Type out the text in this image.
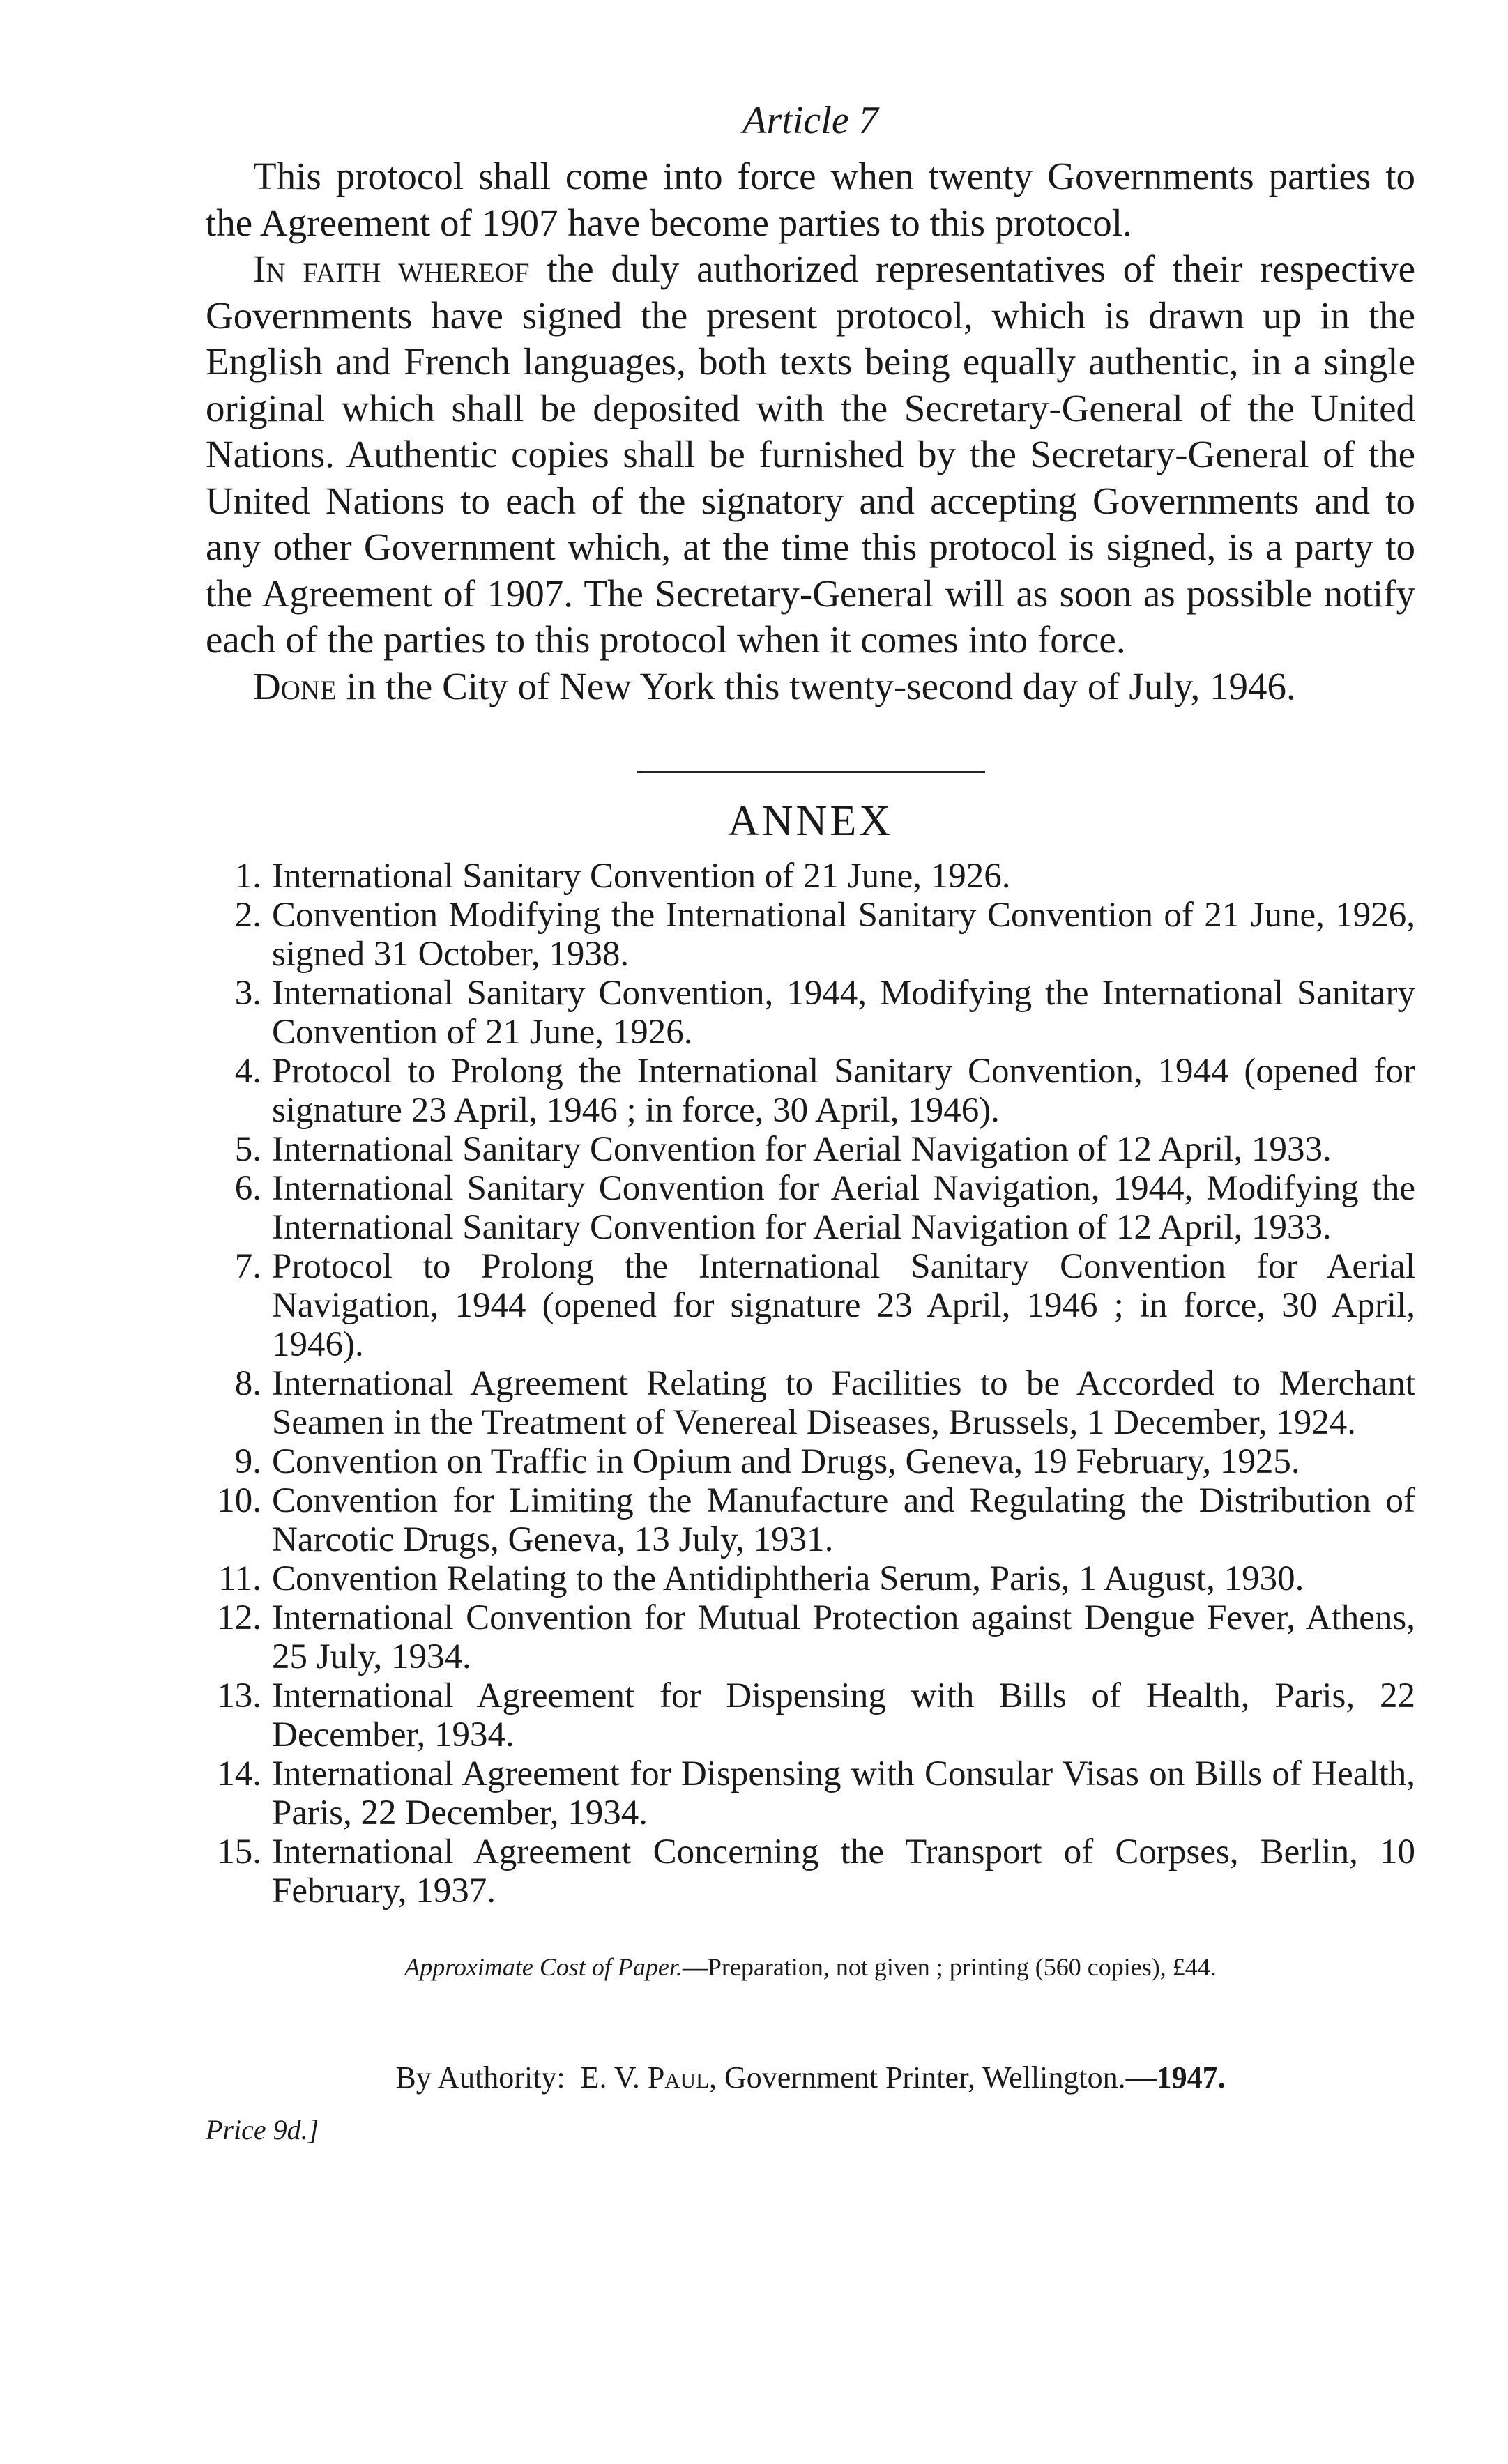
Article 7

This protocol shall come into force when twenty Governments parties to the Agreement of 1907 have become parties to this protocol.

In faith whereof the duly authorized representatives of their respective Governments have signed the present protocol, which is drawn up in the English and French languages, both texts being equally authentic, in a single original which shall be deposited with the Secretary-General of the United Nations. Authentic copies shall be furnished by the Secretary-General of the United Nations to each of the signatory and accepting Governments and to any other Government which, at the time this protocol is signed, is a party to the Agreement of 1907. The Secretary-General will as soon as possible notify each of the parties to this protocol when it comes into force.

Done in the City of New York this twenty-second day of July, 1946.

ANNEX
1. International Sanitary Convention of 21 June, 1926.
2. Convention Modifying the International Sanitary Convention of 21 June, 1926, signed 31 October, 1938.
3. International Sanitary Convention, 1944, Modifying the International Sanitary Convention of 21 June, 1926.
4. Protocol to Prolong the International Sanitary Convention, 1944 (opened for signature 23 April, 1946 ; in force, 30 April, 1946).
5. International Sanitary Convention for Aerial Navigation of 12 April, 1933.
6. International Sanitary Convention for Aerial Navigation, 1944, Modifying the International Sanitary Convention for Aerial Navigation of 12 April, 1933.
7. Protocol to Prolong the International Sanitary Convention for Aerial Navigation, 1944 (opened for signature 23 April, 1946 ; in force, 30 April, 1946).
8. International Agreement Relating to Facilities to be Accorded to Merchant Seamen in the Treatment of Venereal Diseases, Brussels, 1 December, 1924.
9. Convention on Traffic in Opium and Drugs, Geneva, 19 February, 1925.
10. Convention for Limiting the Manufacture and Regulating the Distribution of Narcotic Drugs, Geneva, 13 July, 1931.
11. Convention Relating to the Antidiphtheria Serum, Paris, 1 August, 1930.
12. International Convention for Mutual Protection against Dengue Fever, Athens, 25 July, 1934.
13. International Agreement for Dispensing with Bills of Health, Paris, 22 December, 1934.
14. International Agreement for Dispensing with Consular Visas on Bills of Health, Paris, 22 December, 1934.
15. International Agreement Concerning the Transport of Corpses, Berlin, 10 February, 1937.
Approximate Cost of Paper.—Preparation, not given ; printing (560 copies), £44.
By Authority: E. V. Paul, Government Printer, Wellington.—1947.
Price 9d.]
